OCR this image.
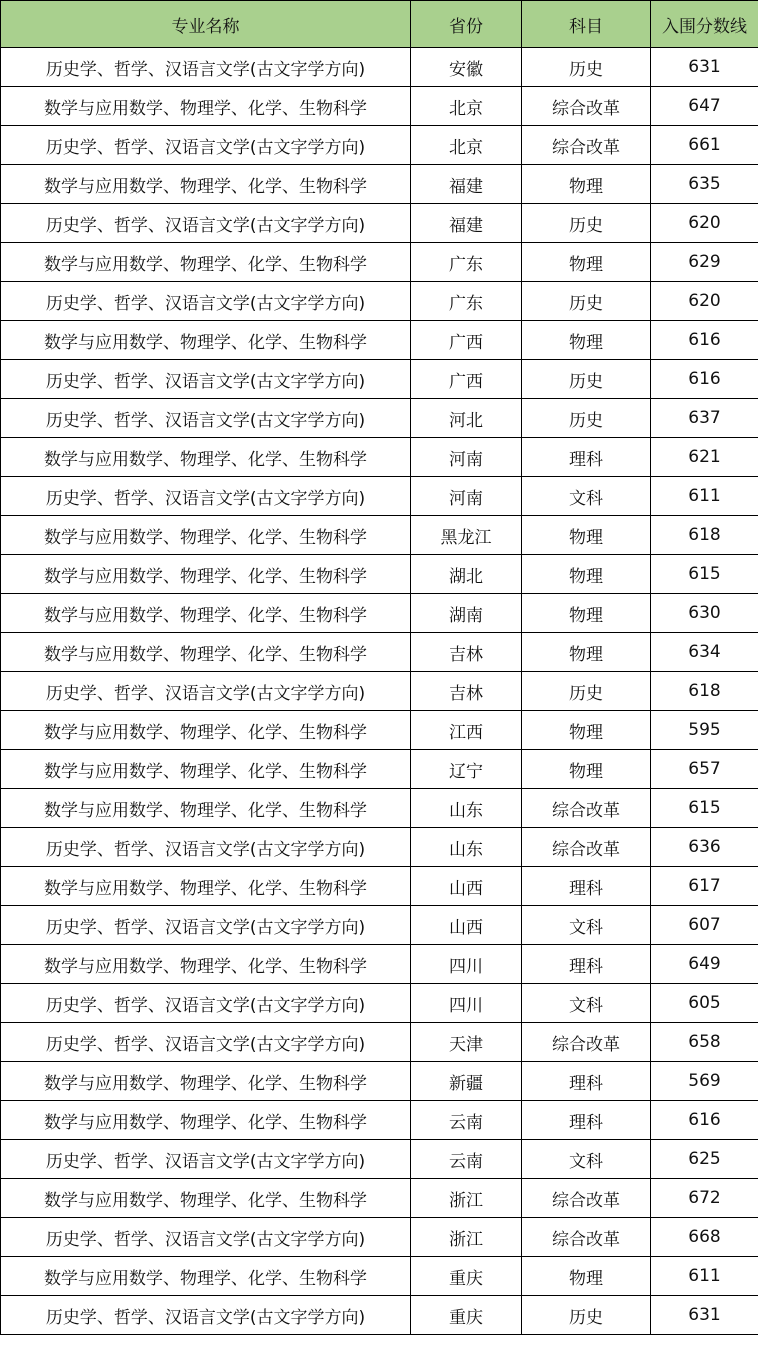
专业名称	省份	科目	入围分数线
历史学、哲学、汉语言文学(古文字学方向)	安徽	历史	631
数学与应用数学、物理学、化学、生物科学	北京	综合改革	647
历史学、哲学、汉语言文学(古文字学方向)	北京	综合改革	661
数学与应用数学、物理学、化学、生物科学	福建	物理	635
历史学、哲学、汉语言文学(古文字学方向)	福建	历史	620
数学与应用数学、物理学、化学、生物科学	广东	物理	629
历史学、哲学、汉语言文学(古文字学方向)	广东	历史	620
数学与应用数学、物理学、化学、生物科学	广西	物理	616
历史学、哲学、汉语言文学(古文字学方向)	广西	历史	616
历史学、哲学、汉语言文学(古文字学方向)	河北	历史	637
数学与应用数学、物理学、化学、生物科学	河南	理科	621
历史学、哲学、汉语言文学(古文字学方向)	河南	文科	611
数学与应用数学、物理学、化学、生物科学	黑龙江	物理	618
数学与应用数学、物理学、化学、生物科学	湖北	物理	615
数学与应用数学、物理学、化学、生物科学	湖南	物理	630
数学与应用数学、物理学、化学、生物科学	吉林	物理	634
历史学、哲学、汉语言文学(古文字学方向)	吉林	历史	618
数学与应用数学、物理学、化学、生物科学	江西	物理	595
数学与应用数学、物理学、化学、生物科学	辽宁	物理	657
数学与应用数学、物理学、化学、生物科学	山东	综合改革	615
历史学、哲学、汉语言文学(古文字学方向)	山东	综合改革	636
数学与应用数学、物理学、化学、生物科学	山西	理科	617
历史学、哲学、汉语言文学(古文字学方向)	山西	文科	607
数学与应用数学、物理学、化学、生物科学	四川	理科	649
历史学、哲学、汉语言文学(古文字学方向)	四川	文科	605
历史学、哲学、汉语言文学(古文字学方向)	天津	综合改革	658
数学与应用数学、物理学、化学、生物科学	新疆	理科	569
数学与应用数学、物理学、化学、生物科学	云南	理科	616
历史学、哲学、汉语言文学(古文字学方向)	云南	文科	625
数学与应用数学、物理学、化学、生物科学	浙江	综合改革	672
历史学、哲学、汉语言文学(古文字学方向)	浙江	综合改革	668
数学与应用数学、物理学、化学、生物科学	重庆	物理	611
历史学、哲学、汉语言文学(古文字学方向)	重庆	历史	631
